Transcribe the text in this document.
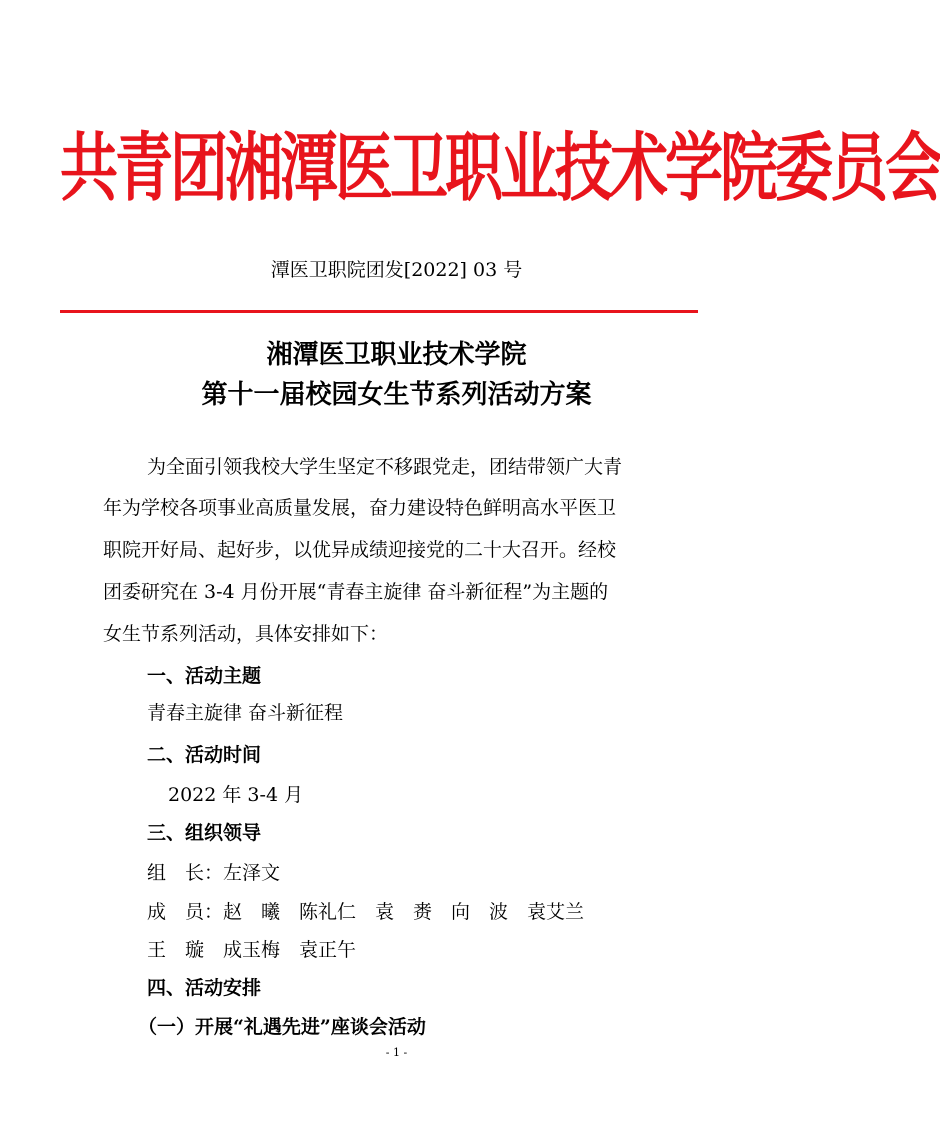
共青团湘潭医卫职业技术学院委员会
潭医卫职院团发[2022] 03 号
湘潭医卫职业技术学院
第十一届校园女生节系列活动方案
为全面引领我校大学生坚定不移跟党走，团结带领广大青
年为学校各项事业高质量发展，奋力建设特色鲜明高水平医卫
职院开好局、起好步，以优异成绩迎接党的二十大召开。经校
团委研究在 3-4 月份开展“青春主旋律 奋斗新征程”为主题的
女生节系列活动，具体安排如下：
一、活动主题
青春主旋律 奋斗新征程
二、活动时间
2022 年 3-4 月
三、组织领导
组　长：左泽文
成　员：赵　曦　陈礼仁　袁　赉　向　波　袁艾兰
王　璇　成玉梅　袁正午
四、活动安排
（一）开展“礼遇先进”座谈会活动
- 1 -
